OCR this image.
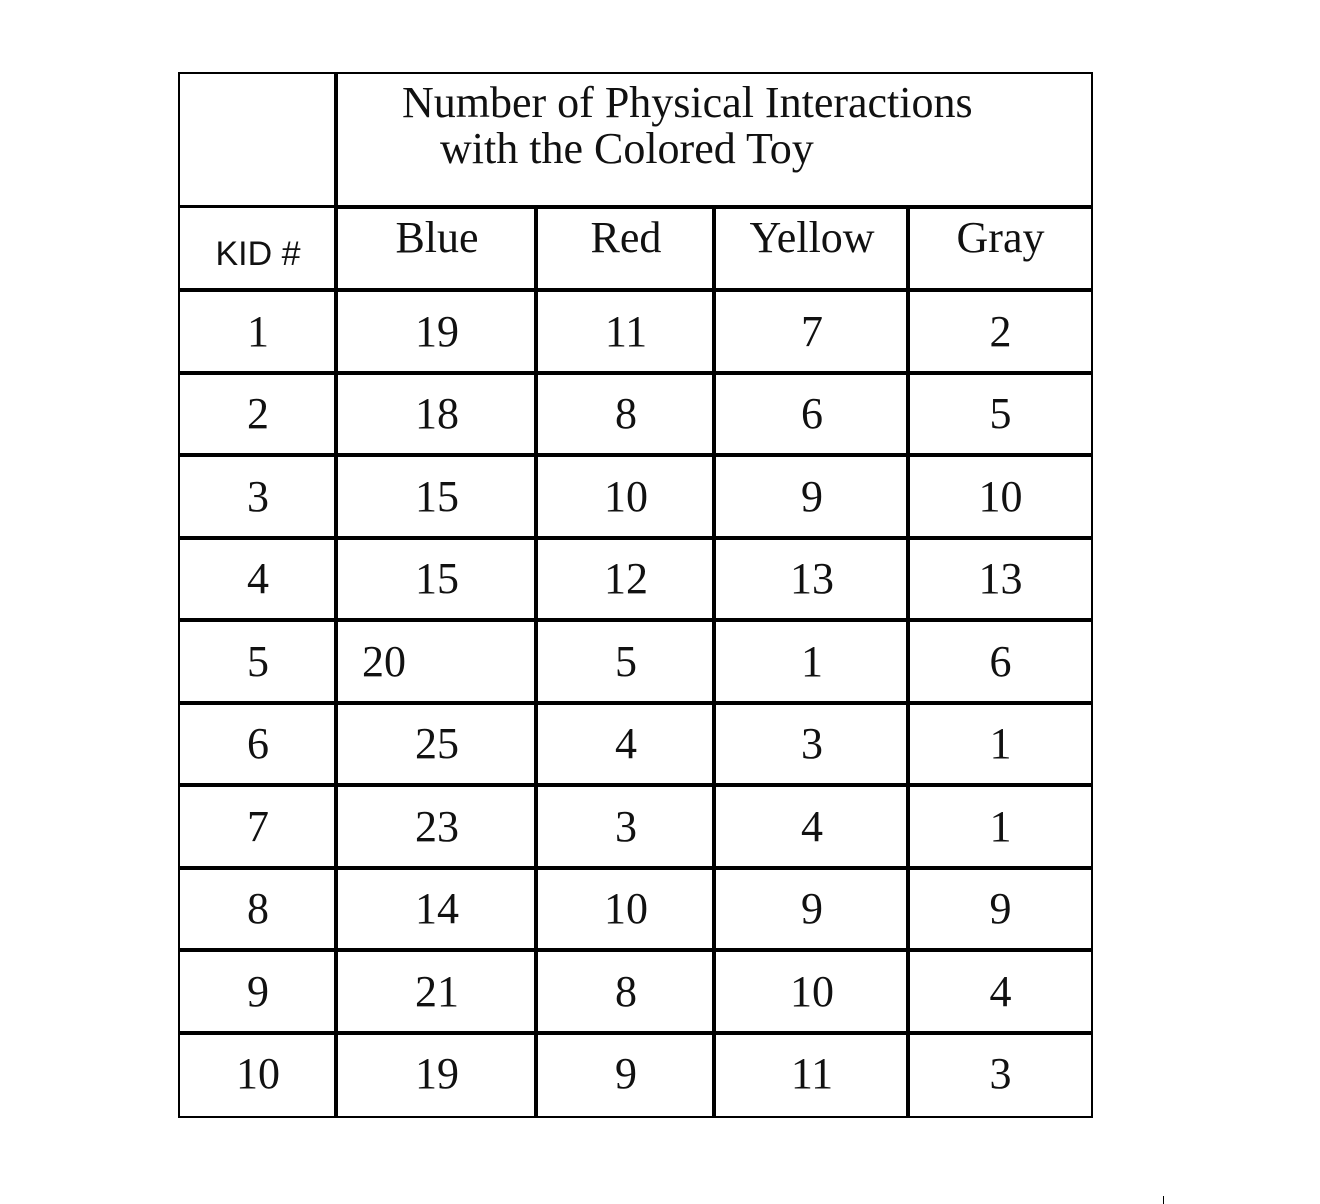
Number of Physical Interactions
with the Colored Toy
KID #	Blue	Red	Yellow	Gray
1	19	11	7	2
2	18	8	6	5
3	15	10	9	10
4	15	12	13	13
5	20	5	1	6
6	25	4	3	1
7	23	3	4	1
8	14	10	9	9
9	21	8	10	4
10	19	9	11	3
